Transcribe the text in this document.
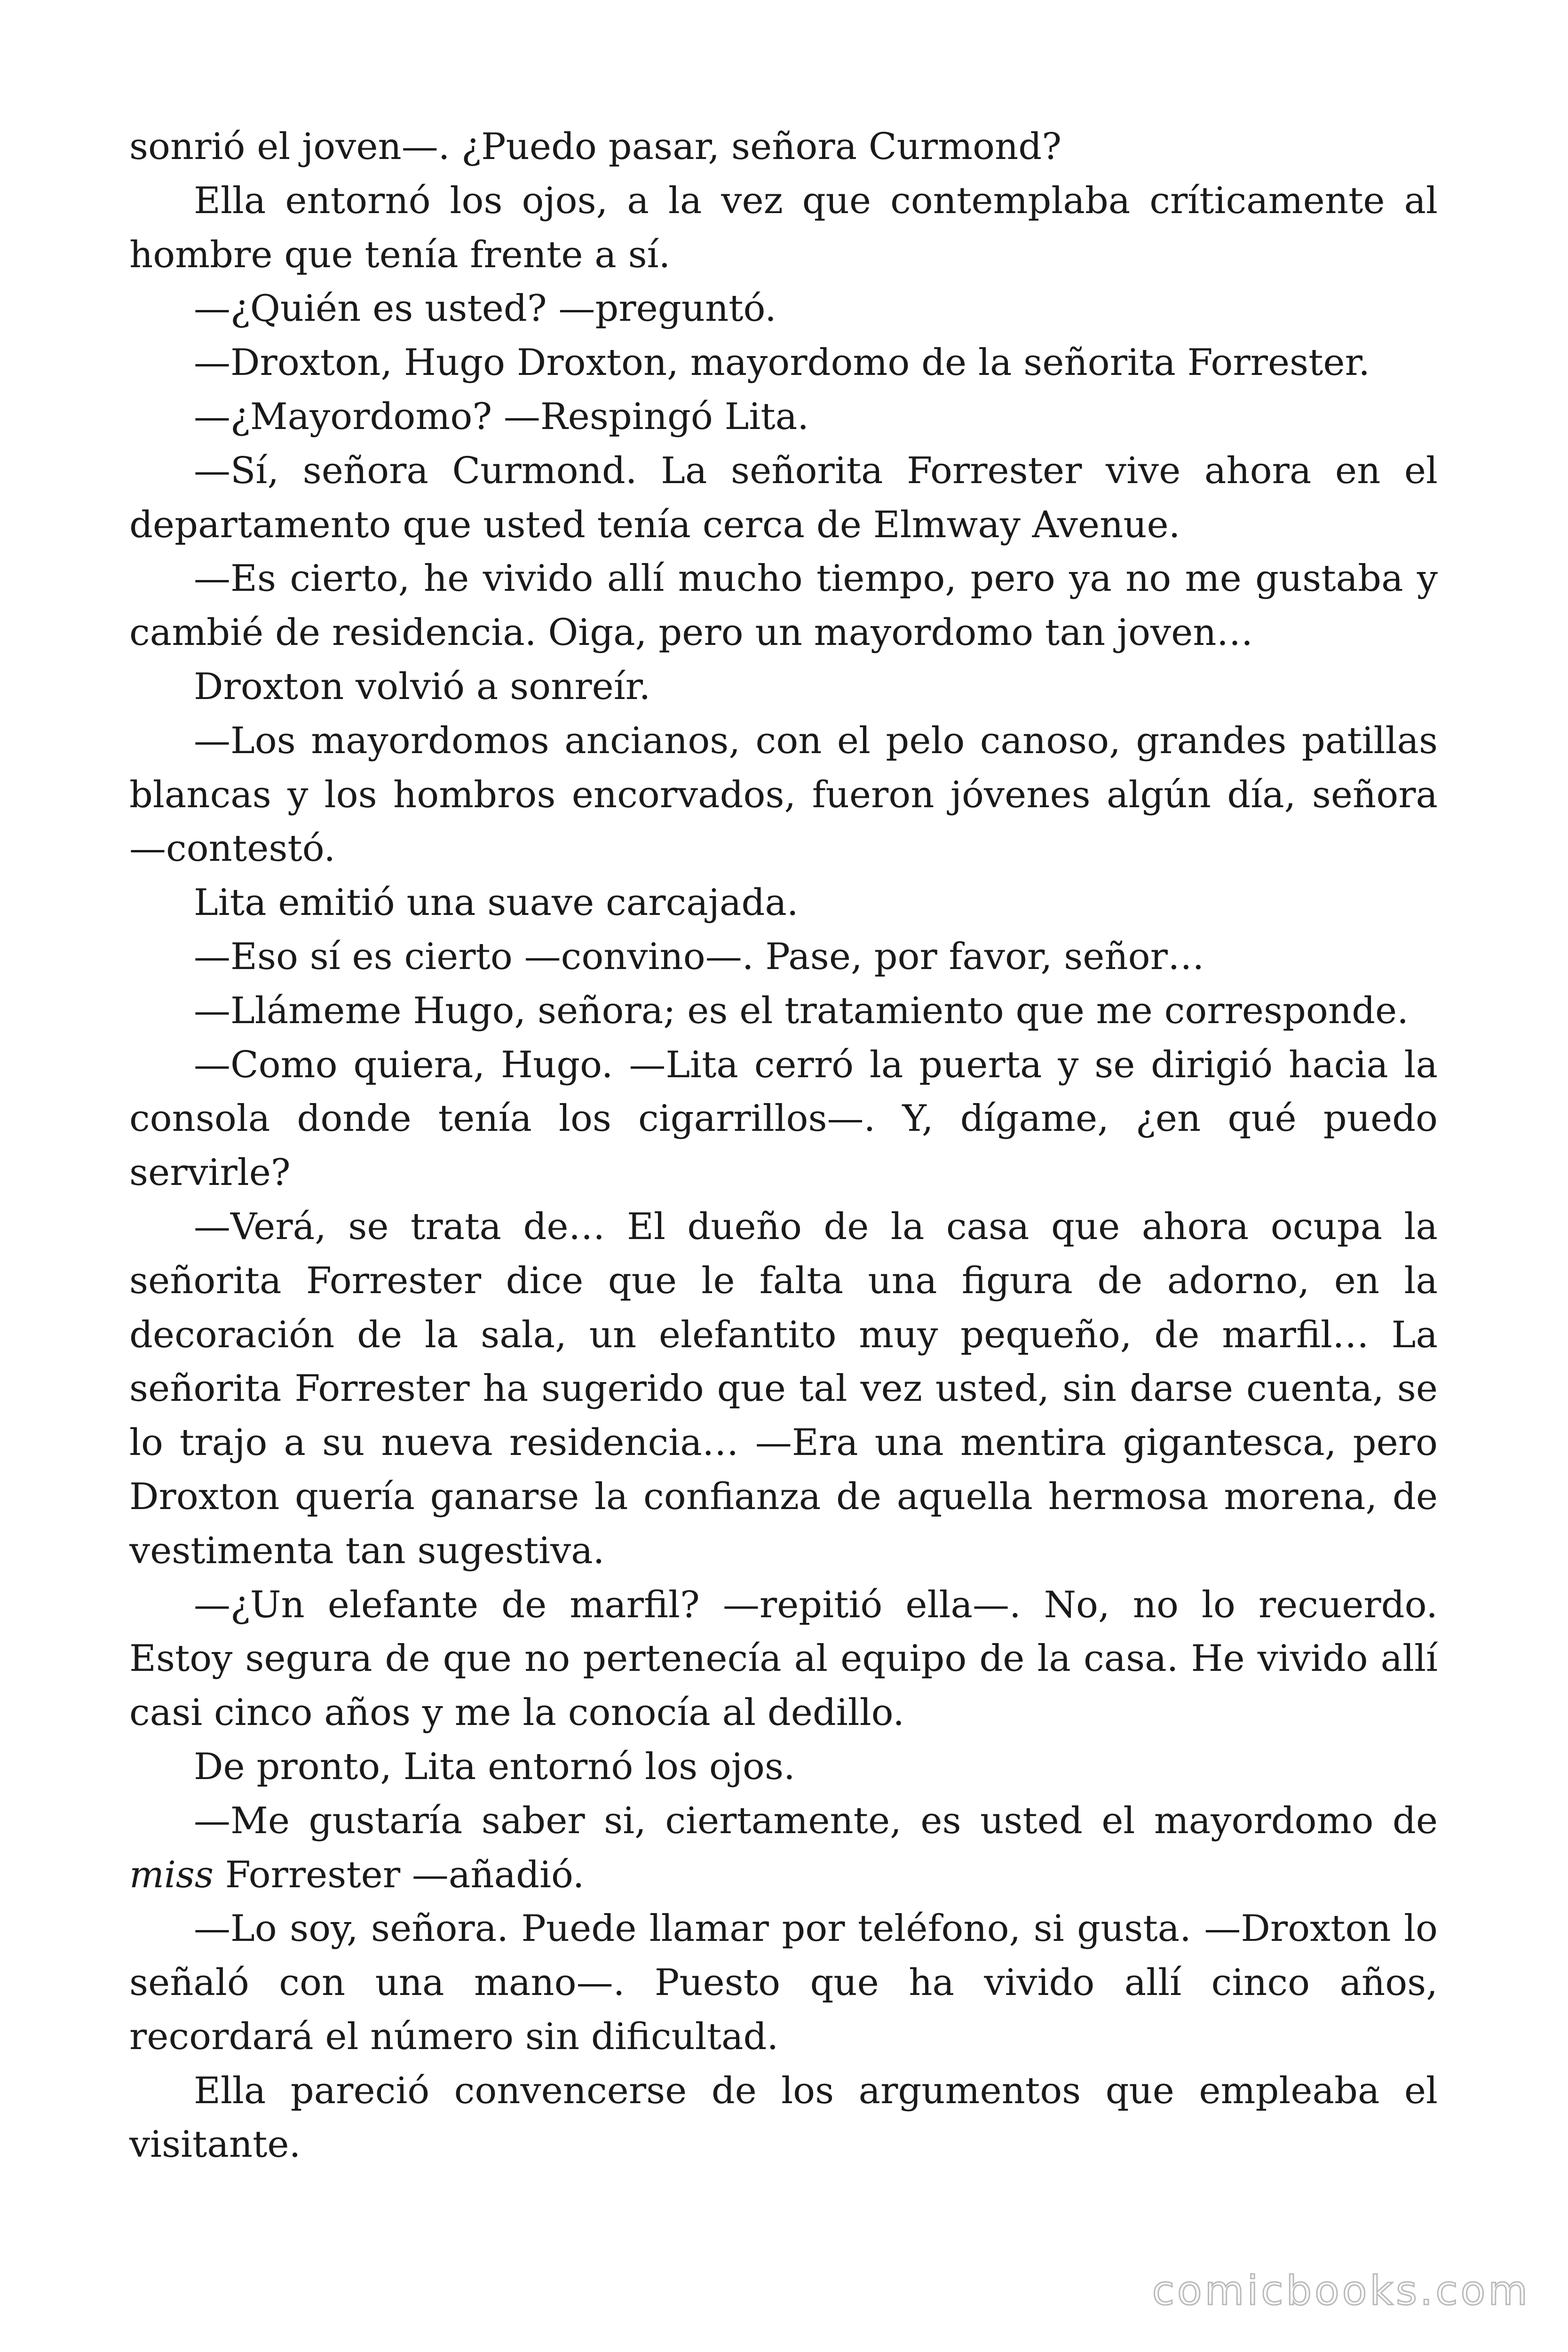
sonrió el joven—. ¿Puedo pasar, señora Curmond?

Ella entornó los ojos, a la vez que contemplaba críticamente al hombre que tenía frente a sí.

—¿Quién es usted? —preguntó.

—Droxton, Hugo Droxton, mayordomo de la señorita Forrester.

—¿Mayordomo? —Respingó Lita.

—Sí, señora Curmond. La señorita Forrester vive ahora en el departamento que usted tenía cerca de Elmway Avenue.

—Es cierto, he vivido allí mucho tiempo, pero ya no me gustaba y cambié de residencia. Oiga, pero un mayordomo tan joven…

Droxton volvió a sonreír.

—Los mayordomos ancianos, con el pelo canoso, grandes patillas blancas y los hombros encorvados, fueron jóvenes algún día, señora —contestó.

Lita emitió una suave carcajada.

—Eso sí es cierto —convino—. Pase, por favor, señor…

—Llámeme Hugo, señora; es el tratamiento que me corresponde.

—Como quiera, Hugo. —Lita cerró la puerta y se dirigió hacia la consola donde tenía los cigarrillos—. Y, dígame, ¿en qué puedo servirle?

—Verá, se trata de… El dueño de la casa que ahora ocupa la señorita Forrester dice que le falta una figura de adorno, en la decoración de la sala, un elefantito muy pequeño, de marfil… La señorita Forrester ha sugerido que tal vez usted, sin darse cuenta, se lo trajo a su nueva residencia… —Era una mentira gigantesca, pero Droxton quería ganarse la confianza de aquella hermosa morena, de vestimenta tan sugestiva.

—¿Un elefante de marfil? —repitió ella—. No, no lo recuerdo. Estoy segura de que no pertenecía al equipo de la casa. He vivido allí casi cinco años y me la conocía al dedillo.

De pronto, Lita entornó los ojos.

—Me gustaría saber si, ciertamente, es usted el mayordomo de miss Forrester —añadió.

—Lo soy, señora. Puede llamar por teléfono, si gusta. —Droxton lo señaló con una mano—. Puesto que ha vivido allí cinco años, recordará el número sin dificultad.

Ella pareció convencerse de los argumentos que empleaba el visitante.

comicbooks.com
